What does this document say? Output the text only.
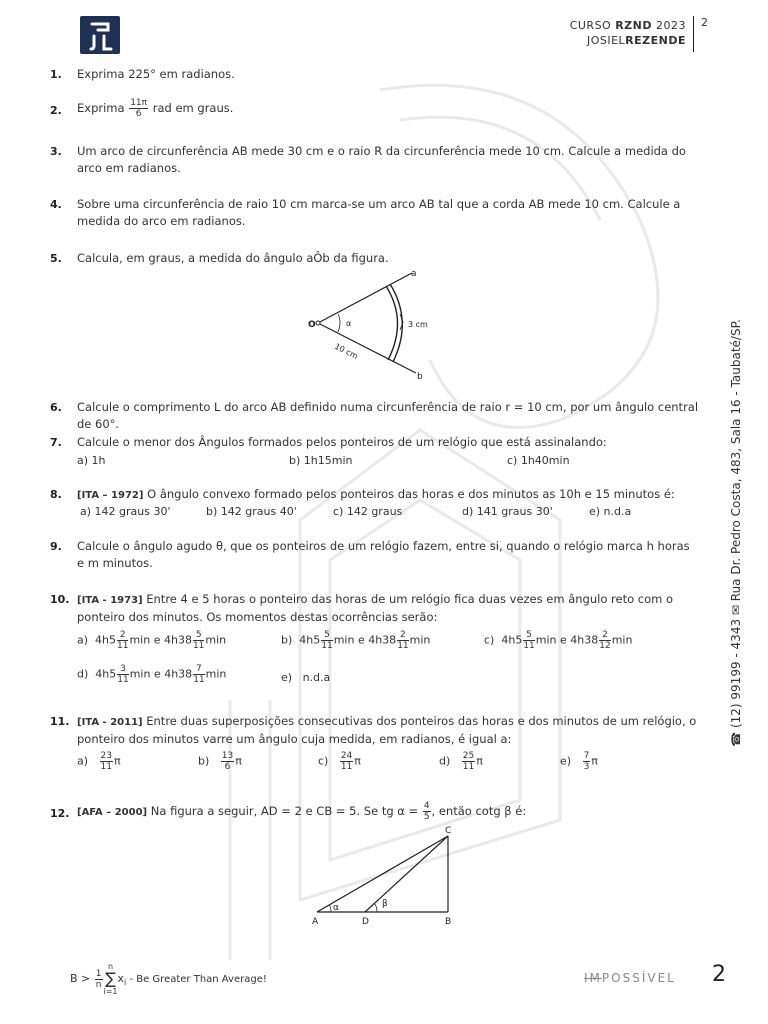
CURSO RZND 2023
JOSIELREZENDE
2
1. Exprima 225° em radianos.
2. Exprima $\frac{11\pi}{6}$ rad em graus.
3. Um arco de circunferência AB mede 30 cm e o raio R da circunferência mede 10 cm. Calcule a medida do arco em radianos.
4. Sobre uma circunferência de raio 10 cm marca-se um arco AB tal que a corda AB mede 10 cm. Calcule a medida do arco em radianos.
5. Calcula, em graus, a medida do ângulo aÔb da figura.
O
a
b
α	3 cm
10 cm
6. Calcule o comprimento L do arco AB definido numa circunferência de raio r = 10 cm, por um ângulo central de 60°.
7. Calcule o menor dos Ângulos formados pelos ponteiros de um relógio que está assinalando:
a) 1h	b) 1h15min	c) 1h40min
8. [ITA – 1972] O ângulo convexo formado pelos ponteiros das horas e dos minutos as 10h e 15 minutos é:
a) 142 graus 30'	b) 142 graus 40'	c) 142 graus	d) 141 graus 30'	e) n.d.a
9. Calcule o ângulo agudo θ, que os ponteiros de um relógio fazem, entre si, quando o relógio marca h horas e m minutos.
10. [ITA - 1973] Entre 4 e 5 horas o ponteiro das horas de um relógio fica duas vezes em ângulo reto com o ponteiro dos minutos. Os momentos destas ocorrências serão:
a) $4h5 \frac{2}{11}$ min e $4h38 \frac{5}{11}$ min	b) $4h5 \frac{5}{11}$ min e $4h38 \frac{2}{11}$ min	c) $4h5 \frac{5}{11}$ min e $4h38 \frac{2}{12}$ min
d) $4h5 \frac{3}{11}$ min e $4h38 \frac{7}{11}$ min	e) n.d.a
11. [ITA - 2011] Entre duas superposições consecutivas dos ponteiros das horas e dos minutos de um relógio, o ponteiro dos minutos varre um ângulo cuja medida, em radianos, é igual a:
$a) \frac{23}{11}$ π	$b) \frac{13}{6}$ π	$c) \frac{24}{11}$ π	$d) \frac{25}{11}$ π	$e) \frac{7}{3}$ π
12. [AFA – 2000] Na figura a seguir, AD = 2 e CB = 5. Se tg $\alpha = \frac{4}{5}$ , então cotg β é:
C
A	D	B
α	β
☎ (12) 99199 - 4343 ✉ Rua Dr. Pedro Costa, 483, Sala 16 - Taubaté/SP.
$B > \frac{1}{n}$
n
∑
i=1
$x_i$ - Be Greater Than Average!	IMPOSSÍVEL 2
